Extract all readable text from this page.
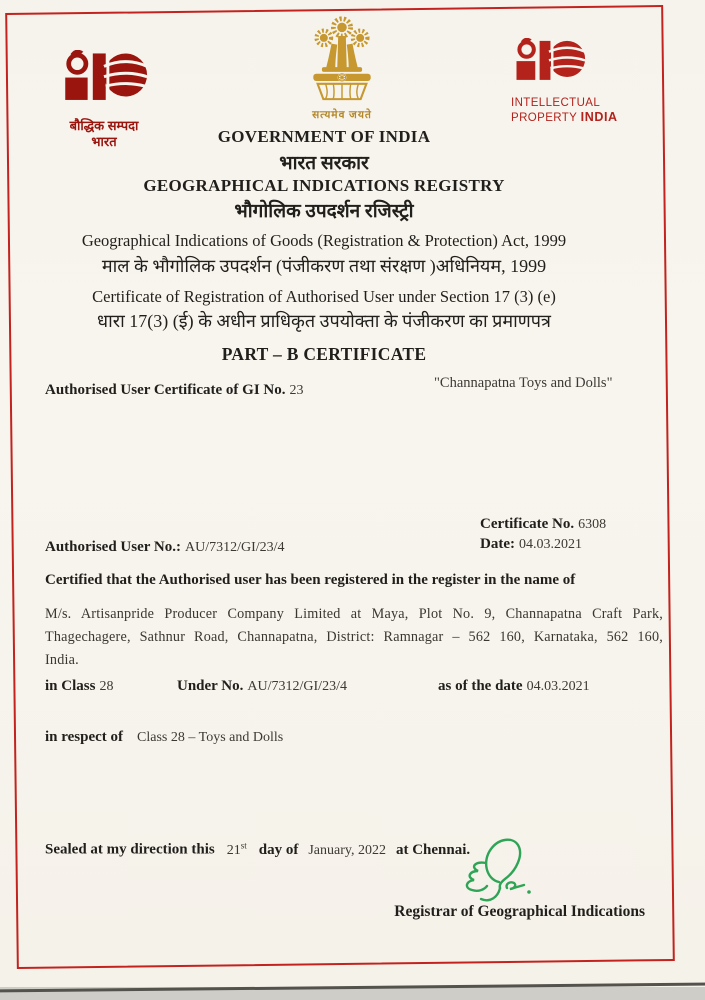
बौद्धिक सम्पदा
भारत
सत्यमेव जयते
INTELLECTUAL
PROPERTY INDIA
GOVERNMENT OF INDIA
भारत सरकार
GEOGRAPHICAL INDICATIONS REGISTRY
भौगोलिक उपदर्शन रजिस्ट्री
Geographical Indications of Goods (Registration & Protection) Act, 1999
माल के भौगोलिक उपदर्शन (पंजीकरण तथा संरक्षण )अधिनियम, 1999
Certificate of Registration of Authorised User under Section 17 (3) (e)
धारा 17(3) (ई) के अधीन प्राधिकृत उपयोक्ता के पंजीकरण का प्रमाणपत्र
PART – B CERTIFICATE
Authorised User Certificate of GI No. 23	"Channapatna Toys and Dolls"
Certificate No. 6308
Date: 04.03.2021
Authorised User No.: AU/7312/GI/23/4
Certified that the Authorised user has been registered in the register in the name of
M/s. Artisanpride Producer Company Limited at Maya, Plot No. 9, Channapatna Craft Park, Thagechagere, Sathnur Road, Channapatna, District: Ramnagar – 562 160, Karnataka, 562 160, India.
in Class 28	Under No. AU/7312/GI/23/4	as of the date 04.03.2021
in respect of Class 28 – Toys and Dolls
Sealed at my direction this 21st day of January, 2022 at Chennai.
Registrar of Geographical Indications
